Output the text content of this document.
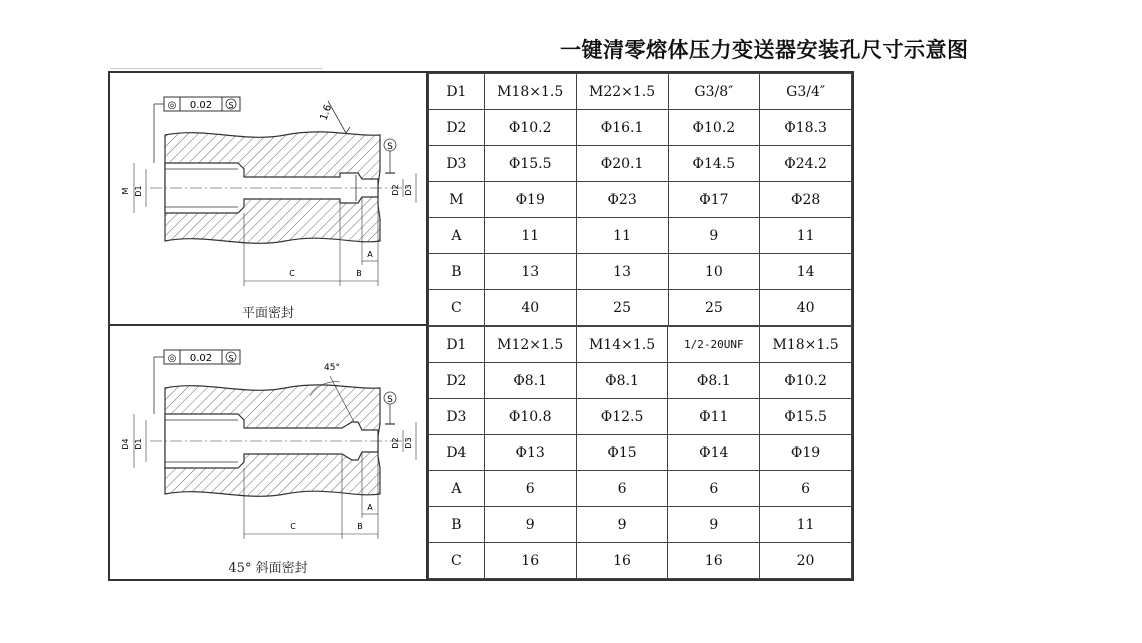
一键清零熔体压力变送器安装孔尺寸示意图
◎ 0.02 S	1.6
S
M D1	D2 D3
C	B
A
平面密封
D1	M18×1.5	M22×1.5	G3/8″	G3/4″
D2	Φ10.2	Φ16.1	Φ10.2	Φ18.3
D3	Φ15.5	Φ20.1	Φ14.5	Φ24.2
M	Φ19	Φ23	Φ17	Φ28
A	11	11	9	11
B	13	13	10	14
C	40	25	25	40
◎ 0.02 S
45°
S
D4 D1	D2 D3
C	B
A
45° 斜面密封
D1	M12×1.5	M14×1.5	1/2-20UNF	M18×1.5
D2	Φ8.1	Φ8.1	Φ8.1	Φ10.2
D3	Φ10.8	Φ12.5	Φ11	Φ15.5
D4	Φ13	Φ15	Φ14	Φ19
A	6	6	6	6
B	9	9	9	11
C	16	16	16	20
